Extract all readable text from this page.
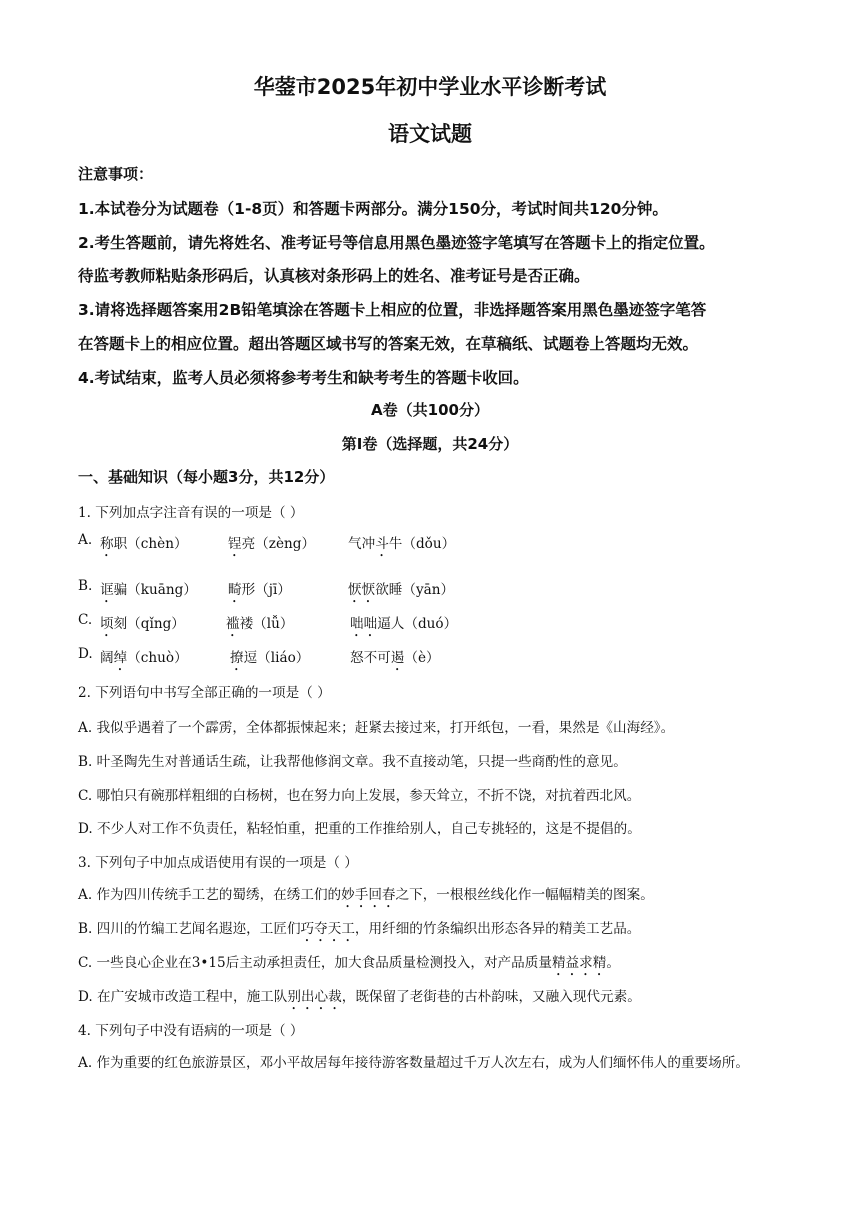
华蓥市2025年初中学业水平诊断考试
语文试题
注意事项：
1.本试卷分为试题卷（1-8页）和答题卡两部分。满分150分，考试时间共120分钟。
2.考生答题前，请先将姓名、准考证号等信息用黑色墨迹签字笔填写在答题卡上的指定位置。
待监考教师粘贴条形码后，认真核对条形码上的姓名、准考证号是否正确。
3.请将选择题答案用2B铅笔填涂在答题卡上相应的位置，非选择题答案用黑色墨迹签字笔答
在答题卡上的相应位置。超出答题区域书写的答案无效，在草稿纸、试题卷上答题均无效。
4.考试结束，监考人员必须将参考考生和缺考考生的答题卡收回。
A卷（共100分）
第Ⅰ卷（选择题，共24分）
一、基础知识（每小题3分，共12分）
1. 下列加点字注音有误的一项是（ ）
A. 称职（chèn）	锃亮（zèng） 气冲斗牛（dǒu）
B. 诓骗（kuāng） 畸形（jī）	恹恹欲睡（yān）
C. 顷刻（qǐng）	褴褛（lǚ）	咄咄逼人（duó）
D. 阔绰（chuò）	撩逗（liáo）	怒不可遏（è）
2. 下列语句中书写全部正确的一项是（ ）
A. 我似乎遇着了一个霹雳，全体都振悚起来；赶紧去接过来，打开纸包，一看，果然是《山海经》。
B. 叶圣陶先生对普通话生疏，让我帮他修润文章。我不直接动笔，只提一些商酌性的意见。
C. 哪怕只有碗那样粗细的白杨树，也在努力向上发展，参天耸立，不折不饶，对抗着西北风。
D. 不少人对工作不负责任，粘轻怕重，把重的工作推给别人，自己专挑轻的，这是不提倡的。
3. 下列句子中加点成语使用有误的一项是（ ）
A. 作为四川传统手工艺的蜀绣，在绣工们的妙手回春之下，一根根丝线化作一幅幅精美的图案。
B. 四川的竹编工艺闻名遐迩，工匠们巧夺天工，用纤细的竹条编织出形态各异的精美工艺品。
C. 一些良心企业在3•15后主动承担责任，加大食品质量检测投入，对产品质量精益求精。
D. 在广安城市改造工程中，施工队别出心裁，既保留了老街巷的古朴韵味，又融入现代元素。
4. 下列句子中没有语病的一项是（ ）
A. 作为重要的红色旅游景区，邓小平故居每年接待游客数量超过千万人次左右，成为人们缅怀伟人的重要场所。
